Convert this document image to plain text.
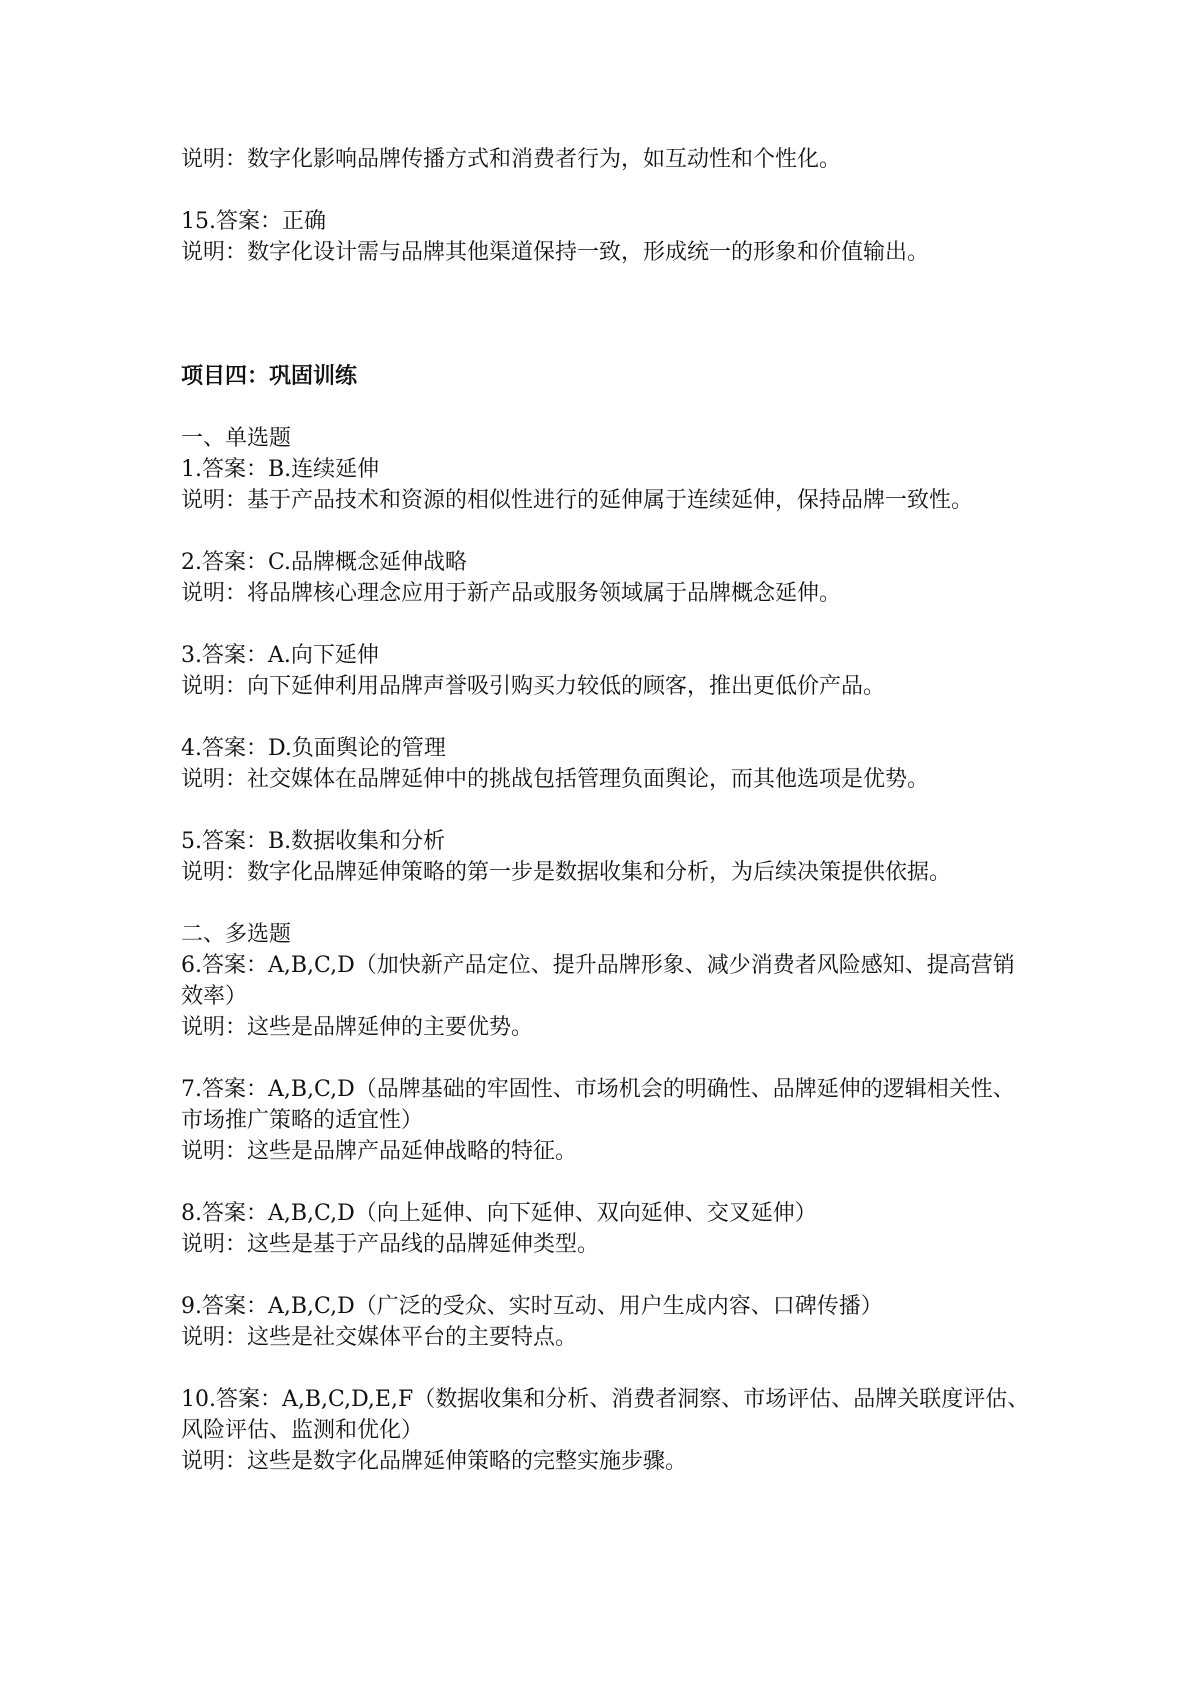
说明：数字化影响品牌传播方式和消费者行为，如互动性和个性化。

15.答案：正确

说明：数字化设计需与品牌其他渠道保持一致，形成统一的形象和价值输出。

项目四：巩固训练

一、单选题

1.答案：B.连续延伸

说明：基于产品技术和资源的相似性进行的延伸属于连续延伸，保持品牌一致性。

2.答案：C.品牌概念延伸战略

说明：将品牌核心理念应用于新产品或服务领域属于品牌概念延伸。

3.答案：A.向下延伸

说明：向下延伸利用品牌声誉吸引购买力较低的顾客，推出更低价产品。

4.答案：D.负面舆论的管理

说明：社交媒体在品牌延伸中的挑战包括管理负面舆论，而其他选项是优势。

5.答案：B.数据收集和分析

说明：数字化品牌延伸策略的第一步是数据收集和分析，为后续决策提供依据。

二、多选题

6.答案：A,B,C,D（加快新产品定位、提升品牌形象、减少消费者风险感知、提高营销效率）

说明：这些是品牌延伸的主要优势。

7.答案：A,B,C,D（品牌基础的牢固性、市场机会的明确性、品牌延伸的逻辑相关性、市场推广策略的适宜性）

说明：这些是品牌产品延伸战略的特征。

8.答案：A,B,C,D（向上延伸、向下延伸、双向延伸、交叉延伸）

说明：这些是基于产品线的品牌延伸类型。

9.答案：A,B,C,D（广泛的受众、实时互动、用户生成内容、口碑传播）

说明：这些是社交媒体平台的主要特点。

10.答案：A,B,C,D,E,F（数据收集和分析、消费者洞察、市场评估、品牌关联度评估、风险评估、监测和优化）

说明：这些是数字化品牌延伸策略的完整实施步骤。
